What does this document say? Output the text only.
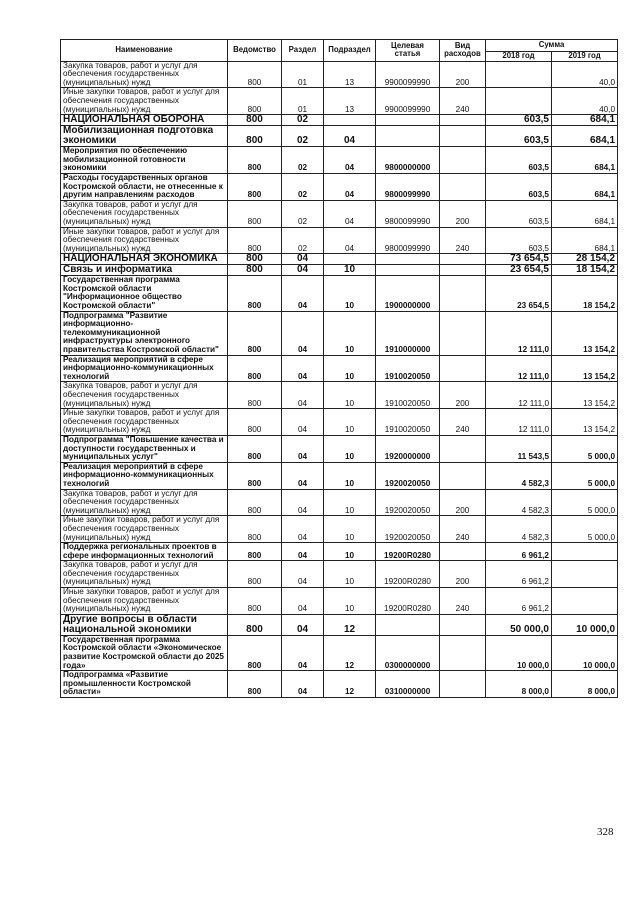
Наименование	Ведомство	Раздел	Подраздел	Целевая статья	Вид расходов	Сумма	
						2018 год	2019 год
Закупка товаров, работ и услуг для обеспечения государственных (муниципальных) нужд	800	01	13	9900099990	200		40,0
Иные закупки товаров, работ и услуг для обеспечения государственных (муниципальных) нужд	800	01	13	9900099990	240		40,0
НАЦИОНАЛЬНАЯ ОБОРОНА	800	02				603,5	684,1
Мобилизационная подготовка экономики	800	02	04			603,5	684,1
Мероприятия по обеспечению мобилизационной готовности экономики	800	02	04	9800000000		603,5	684,1
Расходы государственных органов Костромской области, не отнесенные к другим направлениям расходов	800	02	04	9800099990		603,5	684,1
Закупка товаров, работ и услуг для обеспечения государственных (муниципальных) нужд	800	02	04	9800099990	200	603,5	684,1
Иные закупки товаров, работ и услуг для обеспечения государственных (муниципальных) нужд	800	02	04	9800099990	240	603,5	684,1
НАЦИОНАЛЬНАЯ ЭКОНОМИКА	800	04				73 654,5	28 154,2
Связь и информатика	800	04	10			23 654,5	18 154,2
Государственная программа Костромской области "Информационное общество Костромской области"	800	04	10	1900000000		23 654,5	18 154,2
Подпрограмма "Развитие информационно-телекоммуникационной инфраструктуры электронного правительства Костромской области"	800	04	10	1910000000		12 111,0	13 154,2
Реализация мероприятий в сфере информационно-коммуникационных технологий	800	04	10	1910020050		12 111,0	13 154,2
Закупка товаров, работ и услуг для обеспечения государственных (муниципальных) нужд	800	04	10	1910020050	200	12 111,0	13 154,2
Иные закупки товаров, работ и услуг для обеспечения государственных (муниципальных) нужд	800	04	10	1910020050	240	12 111,0	13 154,2
Подпрограмма "Повышение качества и доступности государственных и муниципальных услуг"	800	04	10	1920000000		11 543,5	5 000,0
Реализация мероприятий в сфере информационно-коммуникационных технологий	800	04	10	1920020050		4 582,3	5 000,0
Закупка товаров, работ и услуг для обеспечения государственных (муниципальных) нужд	800	04	10	1920020050	200	4 582,3	5 000,0
Иные закупки товаров, работ и услуг для обеспечения государственных (муниципальных) нужд	800	04	10	1920020050	240	4 582,3	5 000,0
Поддержка региональных проектов в сфере информационных технологий	800	04	10	19200R0280		6 961,2	
Закупка товаров, работ и услуг для обеспечения государственных (муниципальных) нужд	800	04	10	19200R0280	200	6 961,2	
Иные закупки товаров, работ и услуг для обеспечения государственных (муниципальных) нужд	800	04	10	19200R0280	240	6 961,2	
Другие вопросы в области национальной экономики	800	04	12			50 000,0	10 000,0
Государственная программа Костромской области «Экономическое развитие Костромской области до 2025 года»	800	04	12	0300000000		10 000,0	10 000,0
Подпрограмма «Развитие промышленности Костромской области»	800	04	12	0310000000		8 000,0	8 000,0
328
